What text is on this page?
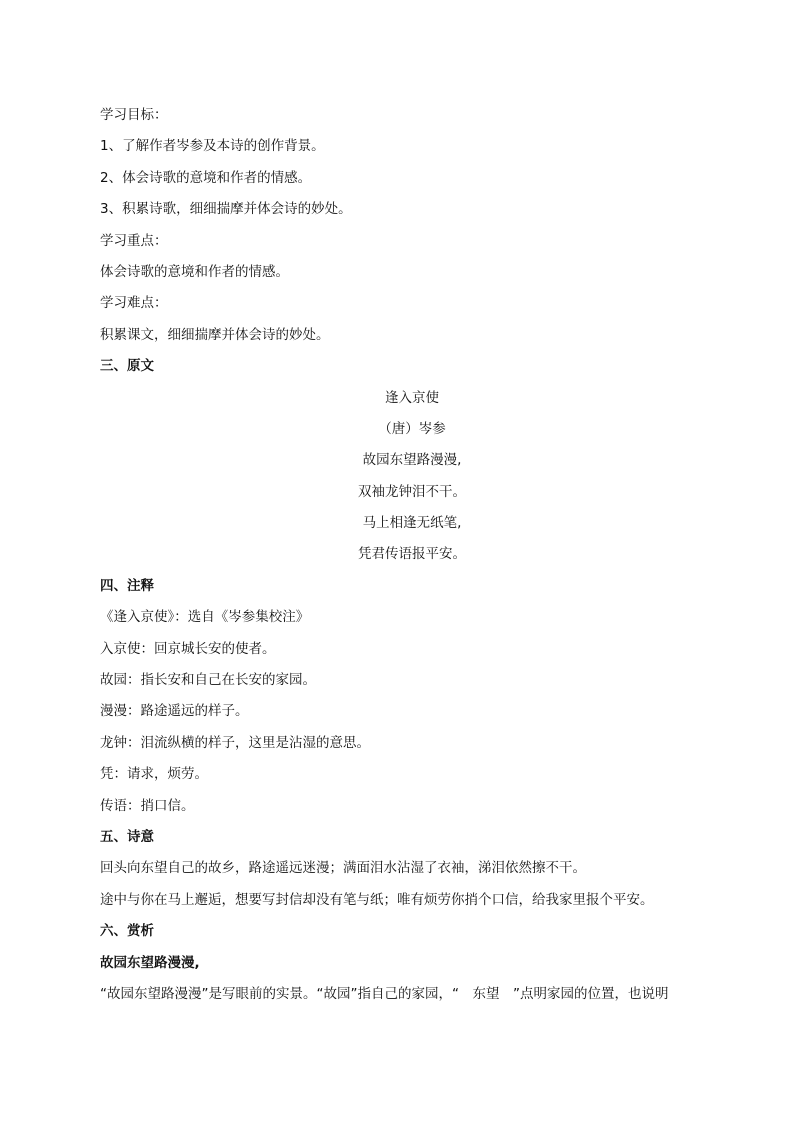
学习目标：
1、了解作者岑参及本诗的创作背景。
2、体会诗歌的意境和作者的情感。
3、积累诗歌，细细揣摩并体会诗的妙处。
学习重点：
体会诗歌的意境和作者的情感。
学习难点：
积累课文，细细揣摩并体会诗的妙处。
三、原文
逢入京使
（唐）岑参
故园东望路漫漫,
双袖龙钟泪不干。
马上相逢无纸笔,
凭君传语报平安。
四、注释
《逢入京使》：选自《岑参集校注》
入京使：回京城长安的使者。
故园：指长安和自己在长安的家园。
漫漫：路途遥远的样子。
龙钟：泪流纵横的样子，这里是沾湿的意思。
凭：请求，烦劳。
传语：捎口信。
五、诗意
回头向东望自己的故乡，路途遥远迷漫；满面泪水沾湿了衣袖，涕泪依然擦不干。
途中与你在马上邂逅，想要写封信却没有笔与纸；唯有烦劳你捎个口信，给我家里报个平安。
六、赏析
故园东望路漫漫,
“故园东望路漫漫”是写眼前的实景。“故园”指自己的家园，“　东望　”点明家园的位置，也说明
